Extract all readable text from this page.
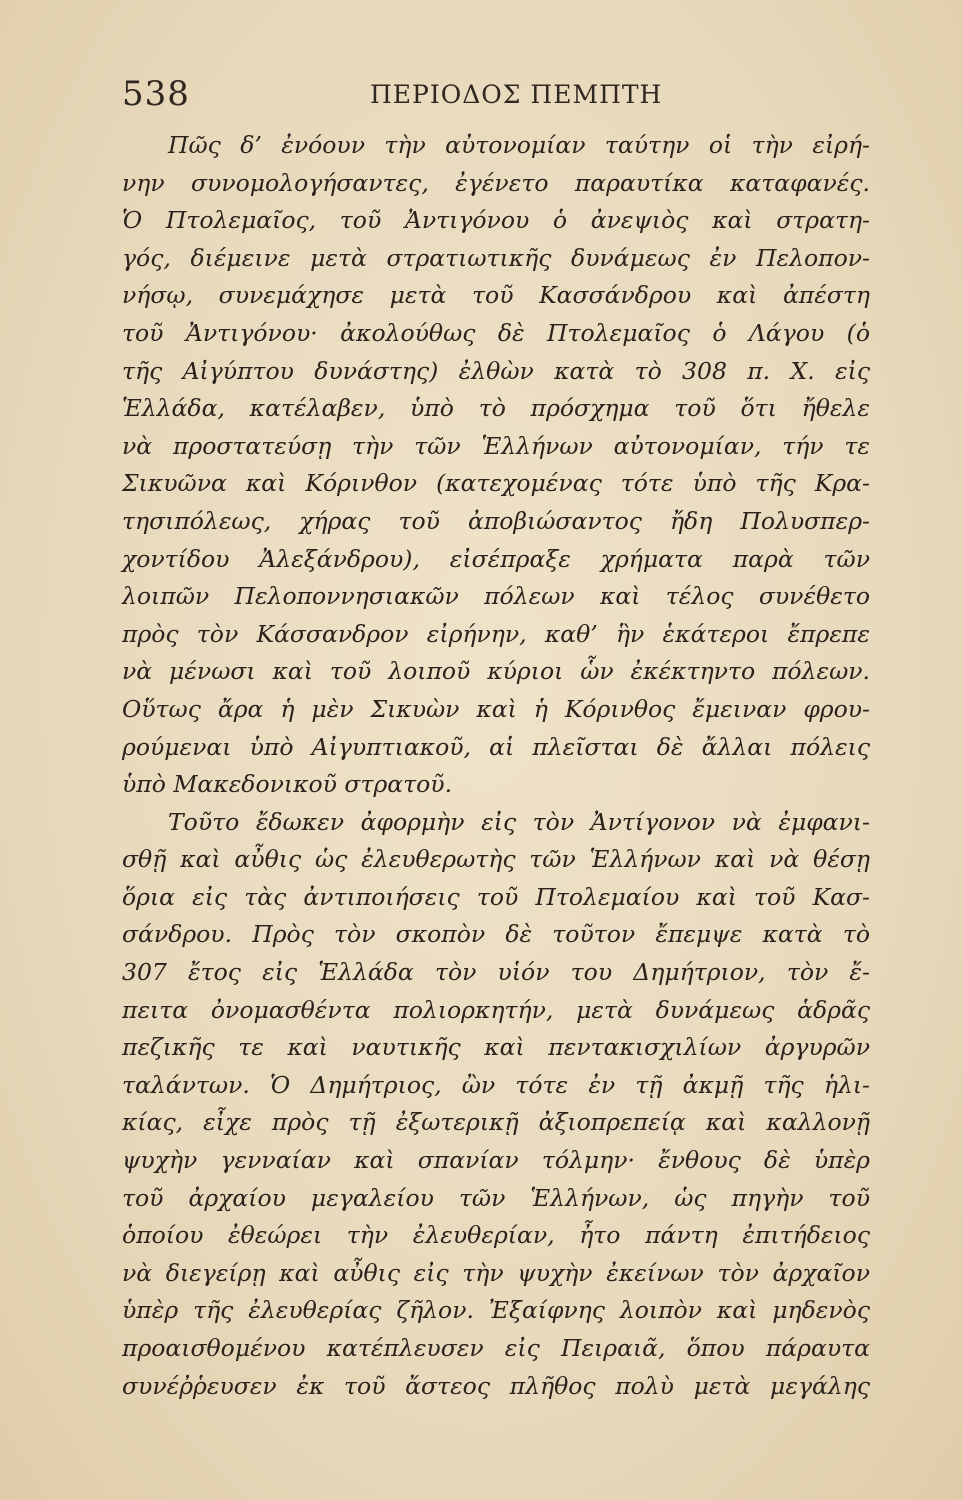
538	ΠΕΡΙΟΔΟΣ ΠΕΜΠΤΗ
Πῶς δ’ ἐνόουν τὴν αὐτονομίαν ταύτην οἱ τὴν εἰρή-
νην συνομολογήσαντες, ἐγένετο παραυτίκα καταφανές.
Ὁ Πτολεμαῖος, τοῦ Ἀντιγόνου ὁ ἀνεψιὸς καὶ στρατη-
γός, διέμεινε μετὰ στρατιωτικῆς δυνάμεως ἐν Πελοπον-
νήσῳ, συνεμάχησε μετὰ τοῦ Κασσάνδρου καὶ ἀπέστη
τοῦ Ἀντιγόνου· ἀκολούθως δὲ Πτολεμαῖος ὁ Λάγου (ὁ
τῆς Αἰγύπτου δυνάστης) ἐλθὼν κατὰ τὸ 308 π. Χ. εἰς
Ἑλλάδα, κατέλαβεν, ὑπὸ τὸ πρόσχημα τοῦ ὅτι ἤθελε
νὰ προστατεύσῃ τὴν τῶν Ἑλλήνων αὐτονομίαν, τήν τε
Σικυῶνα καὶ Κόρινθον (κατεχομένας τότε ὑπὸ τῆς Κρα-
τησιπόλεως, χήρας τοῦ ἀποβιώσαντος ἤδη Πολυσπερ-
χοντίδου Ἀλεξάνδρου), εἰσέπραξε χρήματα παρὰ τῶν
λοιπῶν Πελοποννησιακῶν πόλεων καὶ τέλος συνέθετο
πρὸς τὸν Κάσσανδρον εἰρήνην, καθ’ ἣν ἑκάτεροι ἔπρεπε
νὰ μένωσι καὶ τοῦ λοιποῦ κύριοι ὧν ἐκέκτηντο πόλεων.
Οὕτως ἄρα ἡ μὲν Σικυὼν καὶ ἡ Κόρινθος ἔμειναν φρου-
ρούμεναι ὑπὸ Αἰγυπτιακοῦ, αἱ πλεῖσται δὲ ἄλλαι πόλεις
ὑπὸ Μακεδονικοῦ στρατοῦ.
Τοῦτο ἔδωκεν ἀφορμὴν εἰς τὸν Ἀντίγονον νὰ ἐμφανι-
σθῇ καὶ αὖθις ὡς ἐλευθερωτὴς τῶν Ἑλλήνων καὶ νὰ θέσῃ
ὅρια εἰς τὰς ἀντιποιήσεις τοῦ Πτολεμαίου καὶ τοῦ Κασ-
σάνδρου. Πρὸς τὸν σκοπὸν δὲ τοῦτον ἔπεμψε κατὰ τὸ
307 ἔτος εἰς Ἑλλάδα τὸν υἱόν του Δημήτριον, τὸν ἔ-
πειτα ὀνομασθέντα πολιορκητήν, μετὰ δυνάμεως ἁδρᾶς
πεζικῆς τε καὶ ναυτικῆς καὶ πεντακισχιλίων ἀργυρῶν
ταλάντων. Ὁ Δημήτριος, ὢν τότε ἐν τῇ ἀκμῇ τῆς ἡλι-
κίας, εἶχε πρὸς τῇ ἐξωτερικῇ ἀξιοπρεπείᾳ καὶ καλλονῇ
ψυχὴν γενναίαν καὶ σπανίαν τόλμην· ἔνθους δὲ ὑπὲρ
τοῦ ἀρχαίου μεγαλείου τῶν Ἑλλήνων, ὡς πηγὴν τοῦ
ὁποίου ἐθεώρει τὴν ἐλευθερίαν, ἦτο πάντη ἐπιτήδειος
νὰ διεγείρῃ καὶ αὖθις εἰς τὴν ψυχὴν ἐκείνων τὸν ἀρχαῖον
ὑπὲρ τῆς ἐλευθερίας ζῆλον. Ἐξαίφνης λοιπὸν καὶ μηδενὸς
προαισθομένου κατέπλευσεν εἰς Πειραιᾶ, ὅπου πάραυτα
συνέῤῥευσεν ἐκ τοῦ ἄστεος πλῆθος πολὺ μετὰ μεγάλης
